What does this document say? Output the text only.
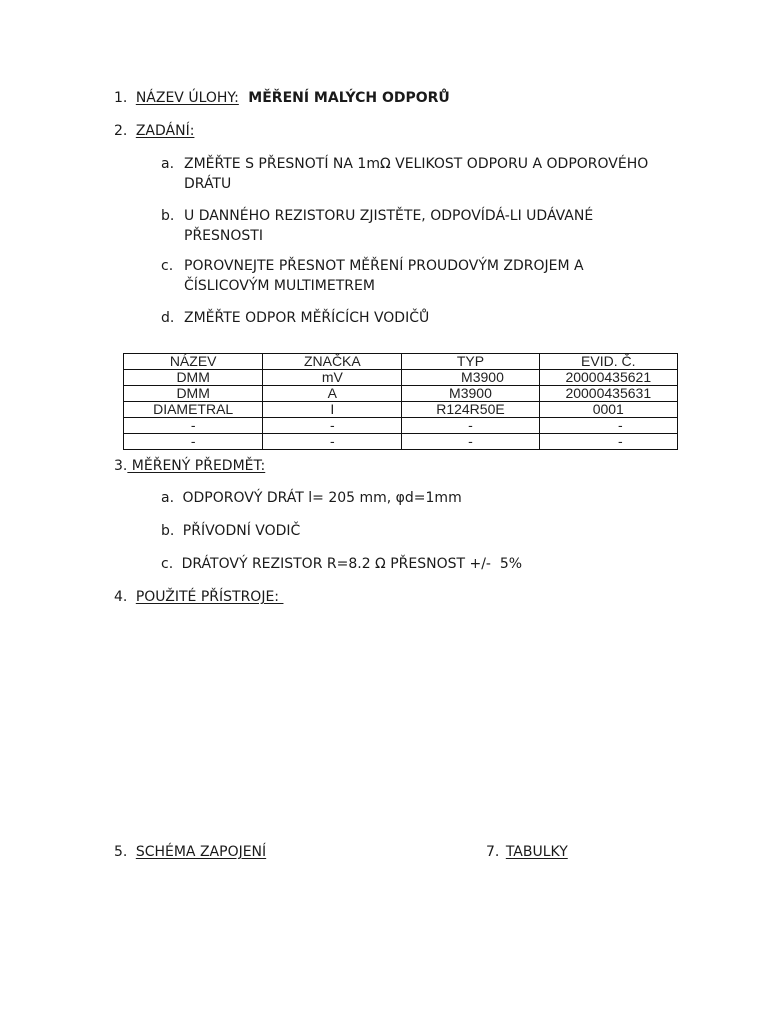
1. NÁZEV ÚLOHY: MĚŘENÍ MALÝCH ODPORŮ
2. ZADÁNÍ:
a. ZMĚŘTE S PŘESNOTÍ NA 1mΩ VELIKOST ODPORU A ODPOROVÉHO
DRÁTU
b. U DANNÉHO REZISTORU ZJISTĚTE, ODPOVÍDÁ-LI UDÁVANÉ
PŘESNOSTI
c. POROVNEJTE PŘESNOT MĚŘENÍ PROUDOVÝM ZDROJEM A
ČÍSLICOVÝM MULTIMETREM
d. ZMĚŘTE ODPOR MĚŘÍCÍCH VODIČŮ
NÁZEV	ZNAČKA	TYP	EVID. Č.
DMM	mV	M3900	20000435621
DMM	A	M3900	20000435631
DIAMETRAL	I	R124R50E	0001
-	-	-	-
-	-	-	-
3. MĚŘENÝ PŘEDMĚT:
a. ODPOROVÝ DRÁT l= 205 mm, φd=1mm
b. PŘÍVODNÍ VODIČ
c. DRÁTOVÝ REZISTOR R=8.2 Ω PŘESNOST +/-  5%
4. POUŽITÉ PŘÍSTROJE:
5. SCHÉMA ZAPOJENÍ	7. TABULKY
